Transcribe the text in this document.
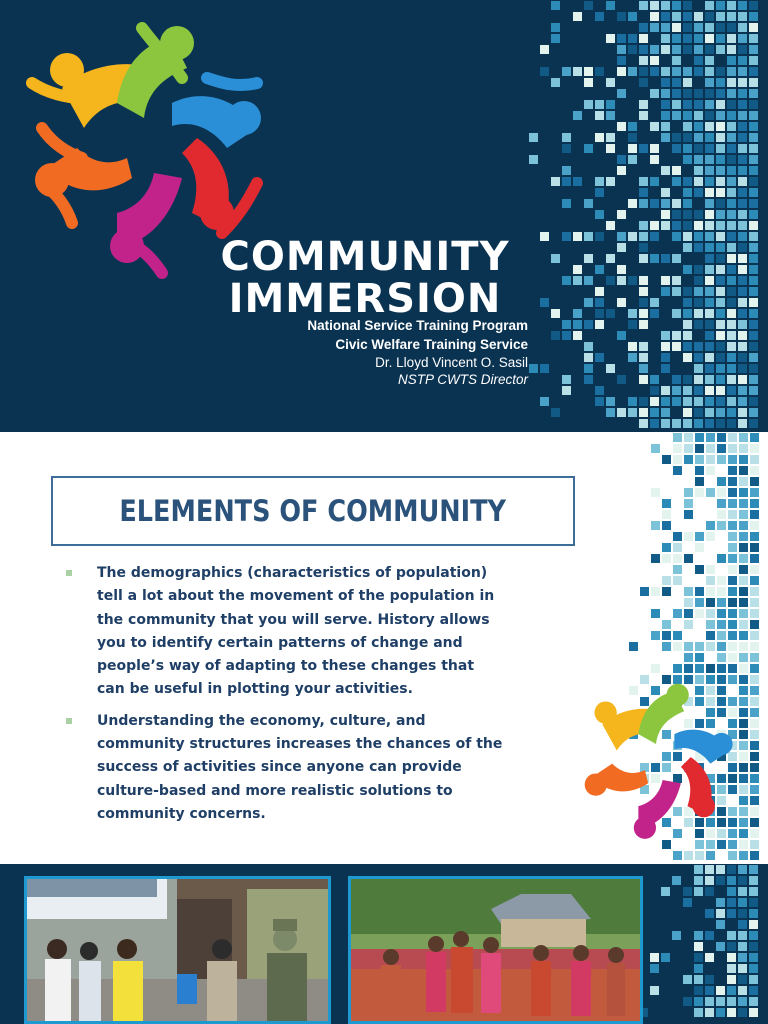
COMMUNITY
IMMERSION
National Service Training Program
Civic Welfare Training Service
Dr. Lloyd Vincent O. Sasil
NSTP CWTS Director
ELEMENTS OF COMMUNITY
The demographics (characteristics of population) tell a lot about the movement of the population in the community that you will serve. History allows you to identify certain patterns of change and people’s way of adapting to these changes that can be useful in plotting your activities.
Understanding the economy, culture, and community structures increases the chances of the success of activities since anyone can provide culture-based and more realistic solutions to community concerns.
